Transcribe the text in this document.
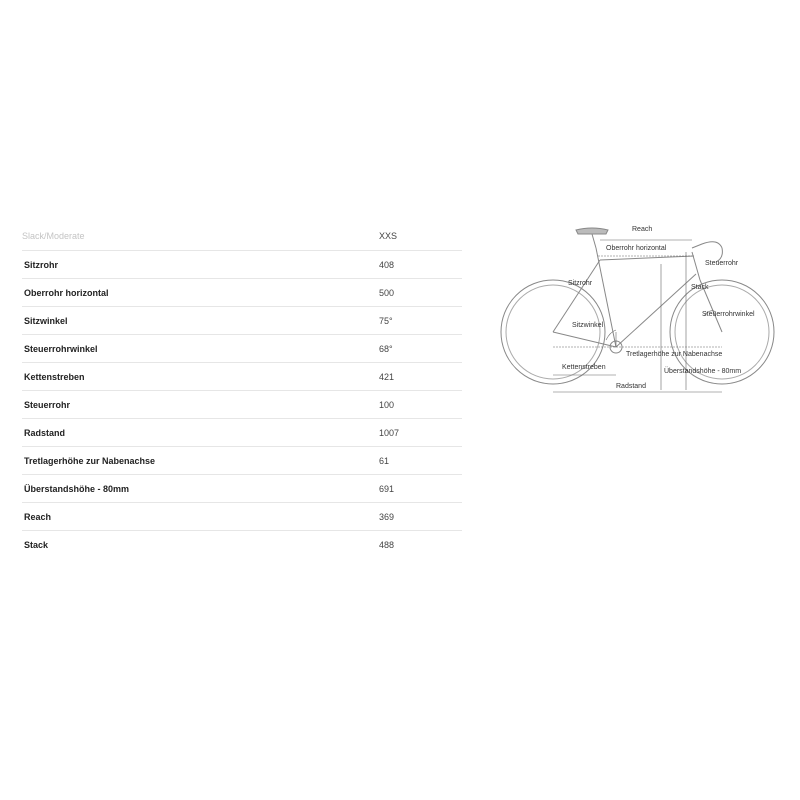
Slack/Moderate	XXS
Sitzrohr	408
Oberrohr horizontal	500
Sitzwinkel	75°
Steuerrohrwinkel	68°
Kettenstreben	421
Steuerrohr	100
Radstand	1007
Tretlagerhöhe zur Nabenachse	61
Überstandshöhe - 80mm	691
Reach	369
Stack	488
Reach
Oberrohr horizontal
Steuerrohr
Sitzrohr
Stack
Sitzwinkel
Steuerrohrwinkel
Tretlagerhöhe zur Nabenachse
Kettenstreben
Überstandshöhe - 80mm
Radstand
